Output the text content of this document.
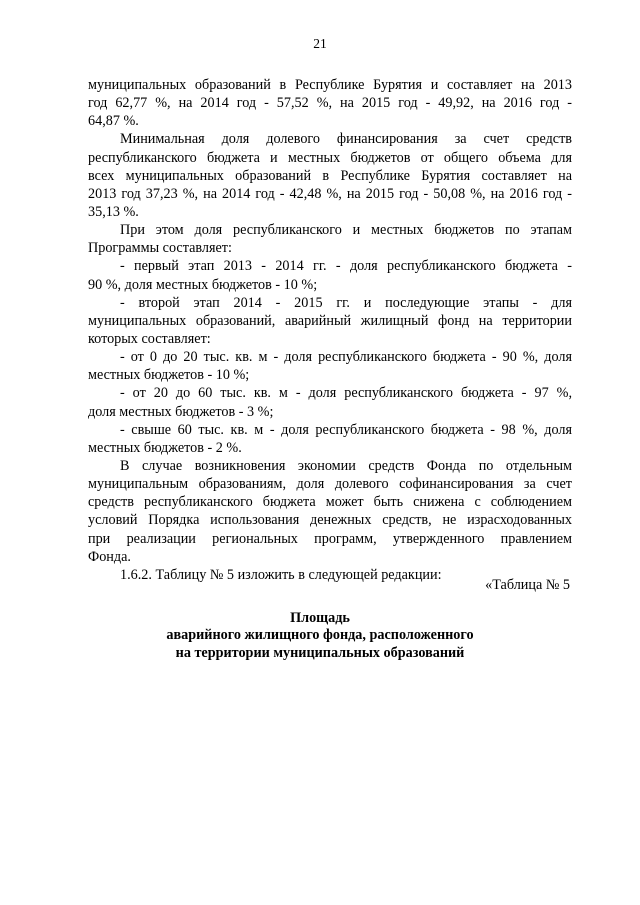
21
муниципальных образований в Республике Бурятия и составляет на 2013
год 62,77 %, на 2014 год - 57,52 %, на 2015 год - 49,92, на 2016 год -
64,87 %.
Минимальная доля долевого финансирования за счет средств
республиканского бюджета и местных бюджетов от общего объема для
всех муниципальных образований в Республике Бурятия составляет на
2013 год 37,23 %, на 2014 год - 42,48 %, на 2015 год - 50,08 %, на 2016 год -
35,13 %.
При этом доля республиканского и местных бюджетов по этапам
Программы составляет:
- первый этап 2013 - 2014 гг. - доля республиканского бюджета -
90 %, доля местных бюджетов - 10 %;
- второй этап 2014 - 2015 гг. и последующие этапы - для
муниципальных образований, аварийный жилищный фонд на территории
которых составляет:
- от 0 до 20 тыс. кв. м - доля республиканского бюджета - 90 %, доля
местных бюджетов - 10 %;
- от 20 до 60 тыс. кв. м - доля республиканского бюджета - 97 %,
доля местных бюджетов - 3 %;
- свыше 60 тыс. кв. м - доля республиканского бюджета - 98 %, доля
местных бюджетов - 2 %.
В случае возникновения экономии средств Фонда по отдельным
муниципальным образованиям, доля долевого софинансирования за счет
средств республиканского бюджета может быть снижена с соблюдением
условий Порядка использования денежных средств, не израсходованных
при реализации региональных программ, утвержденного правлением
Фонда.
1.6.2. Таблицу № 5 изложить в следующей редакции:
«Таблица № 5
Площадь
аварийного жилищного фонда, расположенного
на территории муниципальных образований
